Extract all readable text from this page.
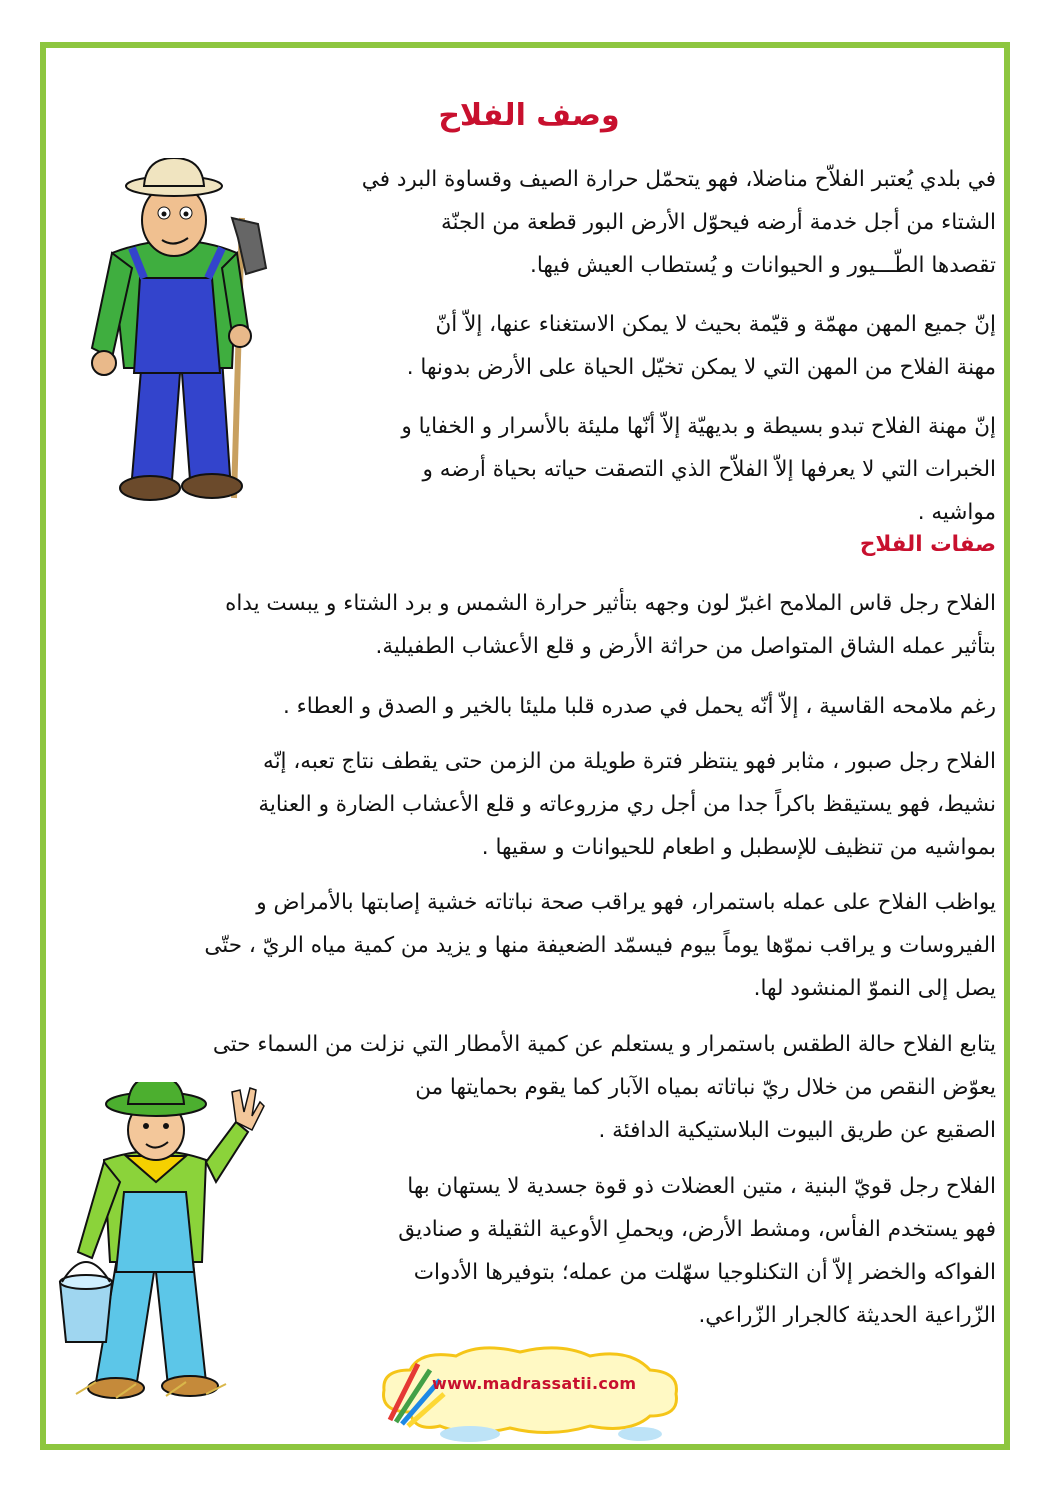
وصف الفلاح
في بلدي يُعتبر الفلاّح مناضلا، فهو يتحمّل حرارة الصيف وقساوة البرد في
الشتاء من أجل خدمة أرضه فيحوّل الأرض البور قطعة من الجنّة
تقصدها الطّـــيور و الحيوانات و يُستطاب العيش فيها.
إنّ جميع المهن مهمّة و قيّمة بحيث لا يمكن الاستغناء عنها، إلاّ أنّ
مهنة الفلاح من المهن التي لا يمكن تخيّل الحياة على الأرض بدونها .
إنّ مهنة الفلاح تبدو بسيطة و بديهيّة إلاّ أنّها مليئة بالأسرار و الخفايا و
الخبرات التي لا يعرفها إلاّ الفلاّح الذي التصقت حياته بحياة أرضه و
مواشيه .
صفات الفلاح
الفلاح رجل قاس الملامح اغبرّ لون وجهه بتأثير حرارة الشمس و برد الشتاء و يبست يداه
بتأثير عمله الشاق المتواصل من حراثة الأرض و قلع الأعشاب الطفيلية.
رغم ملامحه القاسية ، إلاّ أنّه يحمل في صدره قلبا مليئا بالخير و الصدق و العطاء .
الفلاح رجل صبور ، مثابر فهو ينتظر فترة طويلة من الزمن حتى يقطف نتاج تعبه، إنّه
نشيط، فهو يستيقظ باكراً جدا من أجل ري مزروعاته و قلع الأعشاب الضارة و العناية
بمواشيه من تنظيف للإسطبل و اطعام للحيوانات و سقيها .
يواظب الفلاح على عمله باستمرار، فهو يراقب صحة نباتاته خشية إصابتها بالأمراض و
الفيروسات و يراقب نموّها يوماً بيوم فيسمّد الضعيفة منها و يزيد من كمية مياه الريّ ، حتّى
يصل إلى النموّ المنشود لها.
يتابع الفلاح حالة الطقس باستمرار و يستعلم عن كمية الأمطار التي نزلت من السماء حتى
يعوّض النقص من خلال ريّ نباتاته بمياه الآبار كما يقوم بحمايتها من
الصقيع عن طريق البيوت البلاستيكية الدافئة .
الفلاح رجل قويّ البنية ، متين العضلات ذو قوة جسدية لا يستهان بها
فهو يستخدم الفأس، ومشط الأرض، ويحملِ الأوعية الثقيلة و صناديق
الفواكه والخضر إلاّ أن التكنلوجيا سهّلت من عمله؛ بتوفيرها الأدوات
الزّراعية الحديثة كالجرار الزّراعي.
www.madrassatii.com
